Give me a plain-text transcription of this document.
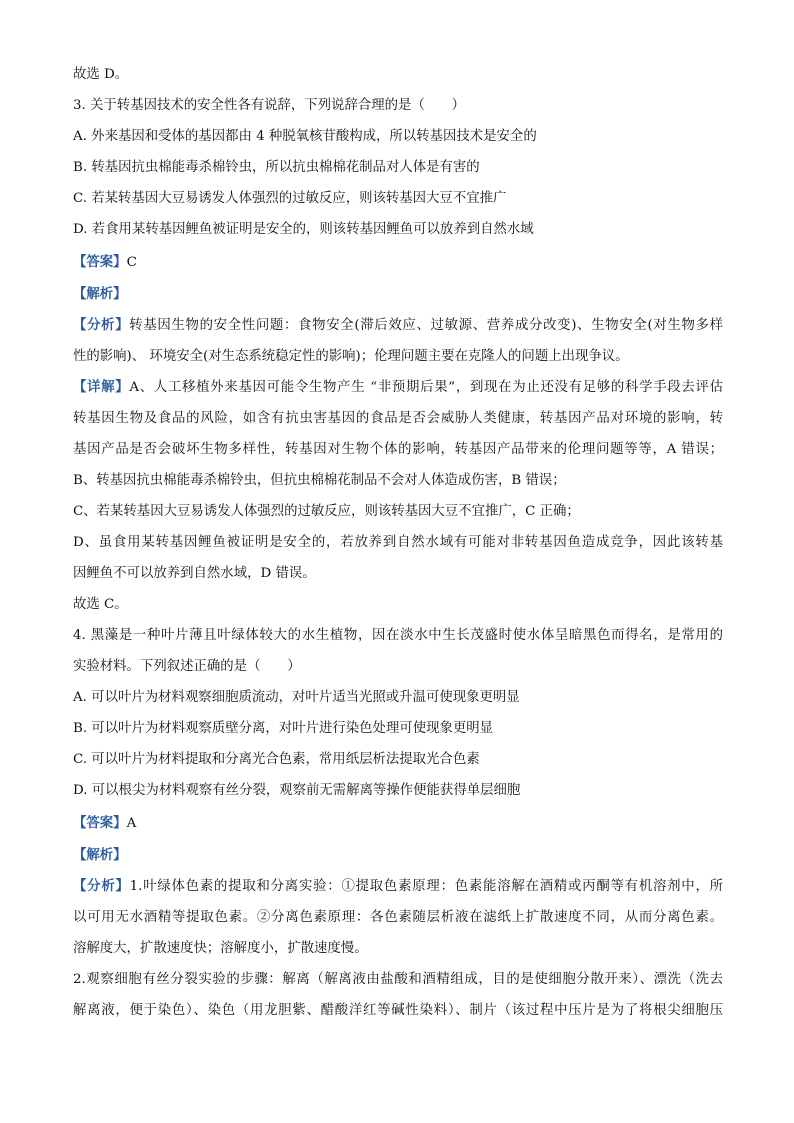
故选 D。
3. 关于转基因技术的安全性各有说辞，下列说辞合理的是（　　）
A. 外来基因和受体的基因都由 4 种脱氧核苷酸构成，所以转基因技术是安全的
B. 转基因抗虫棉能毒杀棉铃虫，所以抗虫棉棉花制品对人体是有害的
C. 若某转基因大豆易诱发人体强烈的过敏反应，则该转基因大豆不宜推广
D. 若食用某转基因鲤鱼被证明是安全的，则该转基因鲤鱼可以放养到自然水域
【答案】C
【解析】
【分析】转基因生物的安全性问题：食物安全(滞后效应、过敏源、营养成分改变)、生物安全(对生物多样
性的影响)、 环境安全(对生态系统稳定性的影响)；伦理问题主要在克隆人的问题上出现争议。
【详解】A、人工移植外来基因可能令生物产生 “非预期后果”，到现在为止还没有足够的科学手段去评估
转基因生物及食品的风险，如含有抗虫害基因的食品是否会威胁人类健康，转基因产品对环境的影响，转
基因产品是否会破坏生物多样性，转基因对生物个体的影响，转基因产品带来的伦理问题等等，A 错误；
B、转基因抗虫棉能毒杀棉铃虫，但抗虫棉棉花制品不会对人体造成伤害，B 错误；
C、若某转基因大豆易诱发人体强烈的过敏反应，则该转基因大豆不宜推广，C 正确；
D、虽食用某转基因鲤鱼被证明是安全的，若放养到自然水域有可能对非转基因鱼造成竞争，因此该转基
因鲤鱼不可以放养到自然水域，D 错误。
故选 C。
4. 黑藻是一种叶片薄且叶绿体较大的水生植物，因在淡水中生长茂盛时使水体呈暗黑色而得名，是常用的
实验材料。下列叙述正确的是（　　）
A. 可以叶片为材料观察细胞质流动，对叶片适当光照或升温可使现象更明显
B. 可以叶片为材料观察质壁分离，对叶片进行染色处理可使现象更明显
C. 可以叶片为材料提取和分离光合色素，常用纸层析法提取光合色素
D. 可以根尖为材料观察有丝分裂，观察前无需解离等操作便能获得单层细胞
【答案】A
【解析】
【分析】1.叶绿体色素的提取和分离实验：①提取色素原理：色素能溶解在酒精或丙酮等有机溶剂中，所
以可用无水酒精等提取色素。②分离色素原理：各色素随层析液在滤纸上扩散速度不同，从而分离色素。
溶解度大，扩散速度快；溶解度小，扩散速度慢。
2.观察细胞有丝分裂实验的步骤：解离（解离液由盐酸和酒精组成，目的是使细胞分散开来）、漂洗（洗去
解离液，便于染色）、染色（用龙胆紫、醋酸洋红等碱性染料）、制片（该过程中压片是为了将根尖细胞压
